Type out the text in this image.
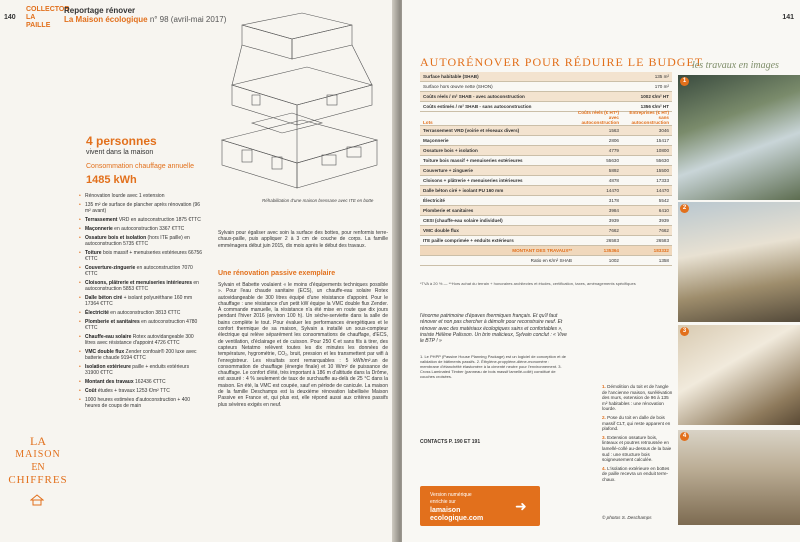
140
COLLECTOR LA PAILLE
Reportage rénover
La Maison écologique n° 98 (avril-mai 2017)
Réhabilitation d'une maison bressane avec ITE en botte
4 personnes
vivent dans la maison
Consommation chauffage annuelle
1485 kWh
• Rénovation lourde avec 1 extension
• 135 m² de surface de plancher après rénovation (96 m² avant)
• Terrassement VRD en autoconstruction 1875 €TTC
• Maçonnerie en autoconstruction 3367 €TTC
• Ossature bois et isolation (hors ITE paille) en autoconstruction 5735 €TTC
• Toiture bois massif + menuiseries extérieures 66756 €TTC
• Couverture-zinguerie en autoconstruction 7070 €TTC
• Cloisons, plâtrerie et menuiseries intérieures en autoconstruction 5853 €TTC
• Dalle béton ciré + isolant polyuréthane 160 mm 17364 €TTC
• Électricité en autoconstruction 3813 €TTC
• Plomberie et sanitaires en autoconstruction 4780 €TTC
• Chauffe-eau solaire Rotex autovidangeable 300 litres avec résistance d'appoint 4726 €TTC
• VMC double flux Zender confoair® 200 luxe avec batterie chaude 9194 €TTC
• Isolation extérieure paille + enduits extérieurs 31900 €TTC
• Montant des travaux 162436 €TTC
• Coût études + travaux 1253 €/m² TTC
• 1000 heures estimées d'autoconstruction + 400 heures de coups de main
LA
MAISON
EN
CHIFFRES
Sylvain pour égaliser avec soin la surface des bottes, pour renformis terre-chaux-paille, puis appliquer 2 à 3 cm de couche de corps. La famille emménagera début juin 2015, dix mois après le début des travaux.
Une rénovation passive exemplaire
Sylvain et Babette voulaient « le moins d'équipements techniques possible ». Pour l'eau chaude sanitaire (ECS), un chauffe-eau solaire Rotex autovidangeable de 300 litres équipé d'une résistance d'appoint. Pour le chauffage : une résistance d'un petit kW équipe la VMC double flux Zender. À commande manuelle, la résistance n'a été mise en route que dix jours pendant l'hiver 2016 (environ 100 h). Un sèche-serviette dans la salle de bains complète le tout. Pour évaluer les performances énergétiques et le confort thermique de sa maison, Sylvain a installé un sous-compteur électrique qui relève séparément les consommations de chauffage, d'ECS, de ventilation, d'éclairage et de cuisson. Pour 250 € et sans fils à tirer, des capteurs Netatmo relèvent toutes les dix minutes les données de température, hygrométrie, CO₂, bruit, pression et les transmettent par wifi à l'enregistreur. Les résultats sont remarquables : 5 kWh/m².an de consommation de chauffage (énergie finale) et 10 W/m² de puissance de chauffage. Le confort d'été, très important à 186 m d'altitude dans la Drôme, est assuré : 4 % seulement de taux de surchauffe au-delà de 25 °C dans la maison. En été, la VMC est coupée, sauf en période de canicule. La maison de la famille Deschamps est la deuxième rénovation labellisée Maison Passive en France et, qui plus est, elle répond aussi aux critères passifs plus sévères exigés en neuf.
AUTORÉNOVER POUR RÉDUIRE LE BUDGET
Surface habitable (SHAB)	135 m²
Surface hors œuvre nette (SHON)	170 m²
Coûts réels / m² SHAB - avec autoconstruction	1002 €/m² HT
Coûts estimés / m² SHAB - sans autoconstruction	1356 €/m² HT
Lots
Coûts réels (€ HT*) avec autoconstruction
Entreprises (€ HT) sans autoconstruction
Terrassement VRD (voirie et réseaux divers)	1563	3046
Maçonnerie	2806	15417
Ossature bois + isolation	4779	10800
Toiture bois massif + menuiseries extérieures	55630	55630
Couverture + zinguerie	5892	15500
Cloisons + plâtrerie + menuiseries intérieures	4878	17333
Dalle béton ciré + isolant PU 160 mm	14470	14470
Électricité	3178	5542
Plomberie et sanitaires	3984	6410
CESI (chauffe-eau solaire individuel)	3939	3939
VMC double flux	7662	7662
ITE paille comprimée + enduits extérieurs	26583	26583
MONTANT DES TRAVAUX**	135364	183332
Ratio en €/m² SHAB	1002	1358
*TVA à 20 % — **Hors achat du terrain + honoraires architectes et études, certification, taxes, aménagements spécifiques
l'énorme patrimoine d'épaves thermiques français. Et qu'il faut rénover et non pas chercher à démolir pour reconstruire neuf. Et rénover avec des matériaux écologiques sains et confortables », insiste Hélène Palisson. Un brin malicieux, Sylvain conclut : « Vive le BTP ! »
1. Le PHPP (Passive House Planning Package) est un logiciel de conception et de validation de bâtiments passifs. 2. Éthylène-propylène-diène-monomère : membrane d'étanchéité élastomère à la cimenté neutre pour l'environnement. 3. Cross Laminated Timber (panneau de bois massif lamellé-collé) constitué de couches croisées.
CONTACTS P. 190 ET 191
Version numérique
enrichie sur
lamaison
ecologique.com
➜
les travaux en images
1
2
3
4

1. Démolition du toit et de l'angle de l'ancienne maison, surélévation des murs, extension de 96 à 135 m² habitables : une rénovation lourde.

2. Pose du toit en dalle de bois massif CLT, qui reste apparent en plafond.

3. Extension ossature bois, linteaux et poutres retroussée en lamellé-collé au-dessus de la baie sud : une structure bois soigneusement calculée.

4. L'isolation extérieure en bottes de paille recevra un enduit terre-chaux.

© photos S. Deschamps
141
